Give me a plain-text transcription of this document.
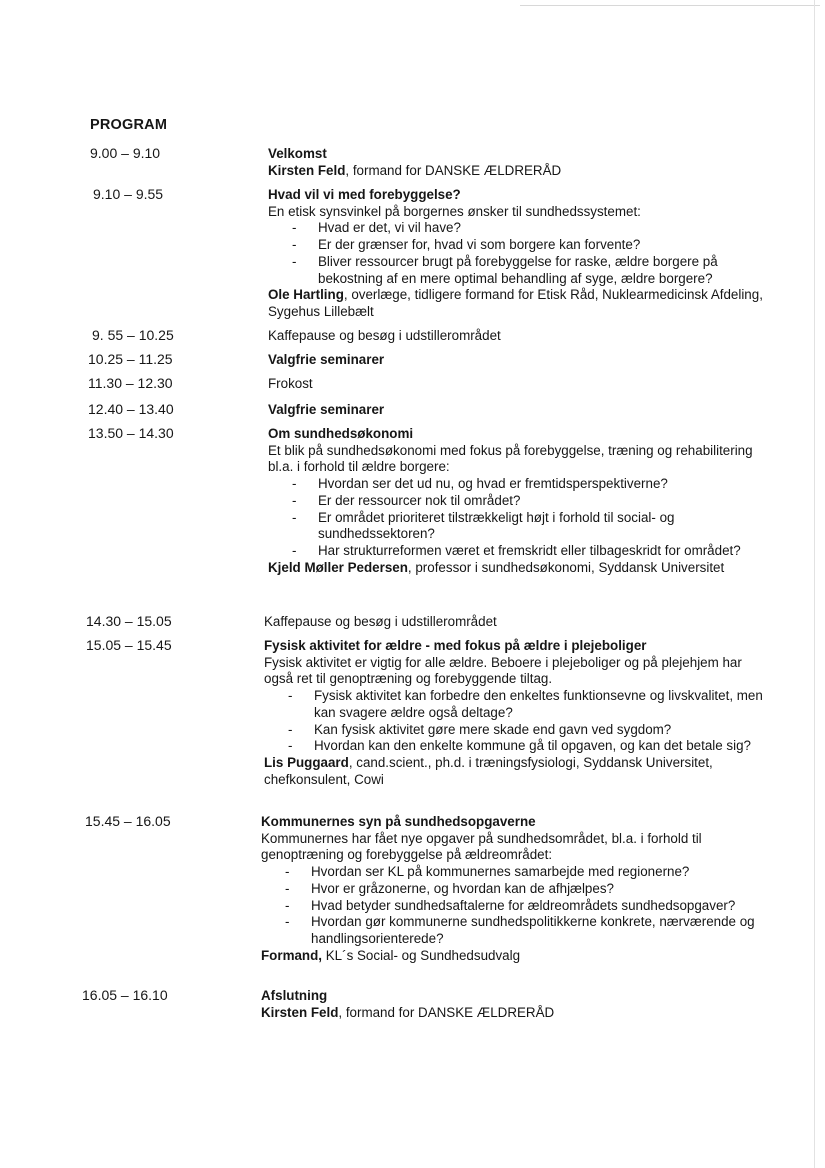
PROGRAM
9.00 – 9.10	Velkomst

Kirsten Feld, formand for DANSKE ÆLDRERÅD

9.10 – 9.55	Hvad vil vi med forebyggelse?

En etisk synsvinkel på borgernes ønsker til sundhedssystemet:

- Hvad er det, vi vil have?
- Er der grænser for, hvad vi som borgere kan forvente?
- Bliver ressourcer brugt på forebyggelse for raske, ældre borgere på bekostning af en mere optimal behandling af syge, ældre borgere?

Ole Hartling, overlæge, tidligere formand for Etisk Råd, Nuklearmedicinsk Afdeling, Sygehus Lillebælt

9. 55 – 10.25	Kaffepause og besøg i udstillerområdet

10.25 – 11.25	Valgfrie seminarer

11.30 – 12.30	Frokost

12.40 – 13.40	Valgfrie seminarer

13.50 – 14.30	Om sundhedsøkonomi

Et blik på sundhedsøkonomi med fokus på forebyggelse, træning og rehabilitering bl.a. i forhold til ældre borgere:

- Hvordan ser det ud nu, og hvad er fremtidsperspektiverne?
- Er der ressourcer nok til området?
- Er området prioriteret tilstrækkeligt højt i forhold til social- og sundhedssektoren?
- Har strukturreformen været et fremskridt eller tilbageskridt for området?

Kjeld Møller Pedersen, professor i sundhedsøkonomi, Syddansk Universitet

14.30 – 15.05	Kaffepause og besøg i udstillerområdet

15.05 – 15.45	Fysisk aktivitet for ældre - med fokus på ældre i plejeboliger

Fysisk aktivitet er vigtig for alle ældre. Beboere i plejeboliger og på plejehjem har også ret til genoptræning og forebyggende tiltag.

- Fysisk aktivitet kan forbedre den enkeltes funktionsevne og livskvalitet, men kan svagere ældre også deltage?
- Kan fysisk aktivitet gøre mere skade end gavn ved sygdom?
- Hvordan kan den enkelte kommune gå til opgaven, og kan det betale sig?

Lis Puggaard, cand.scient., ph.d. i træningsfysiologi, Syddansk Universitet, chefkonsulent, Cowi

15.45 – 16.05	Kommunernes syn på sundhedsopgaverne

Kommunernes har fået nye opgaver på sundhedsområdet, bl.a. i forhold til genoptræning og forebyggelse på ældreområdet:

- Hvordan ser KL på kommunernes samarbejde med regionerne?
- Hvor er gråzonerne, og hvordan kan de afhjælpes?
- Hvad betyder sundhedsaftalerne for ældreområdets sundhedsopgaver?
- Hvordan gør kommunerne sundhedspolitikkerne konkrete, nærværende og handlingsorienterede?

Formand, KL´s Social- og Sundhedsudvalg

16.05 – 16.10	Afslutning

Kirsten Feld, formand for DANSKE ÆLDRERÅD
